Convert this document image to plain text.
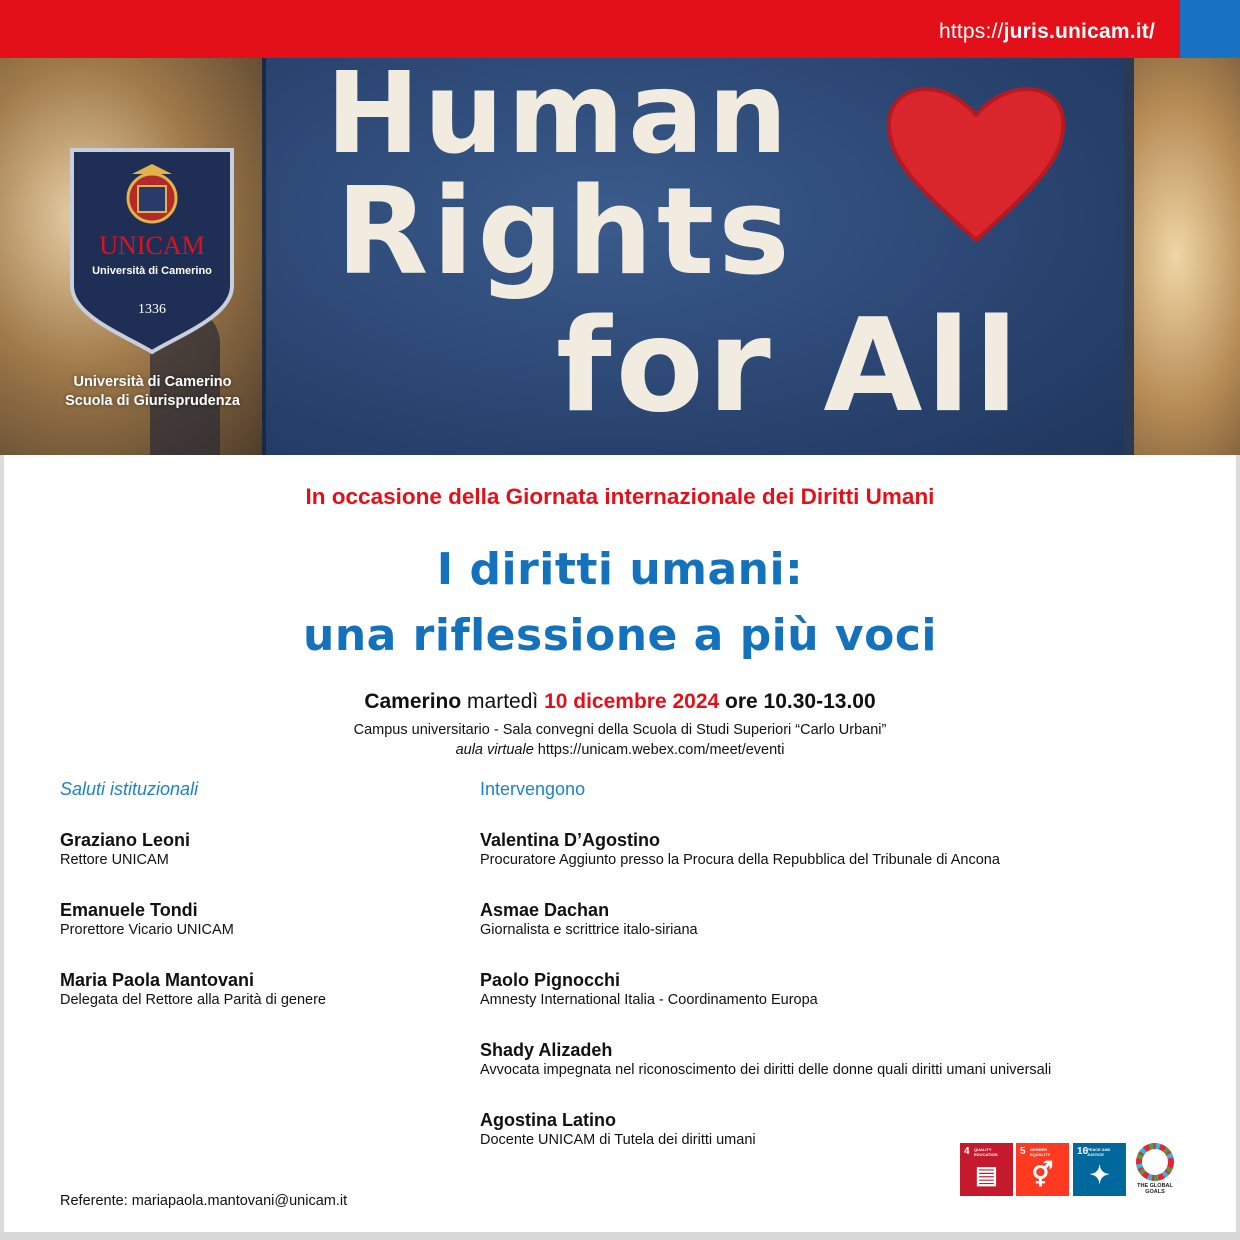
https://juris.unicam.it/
Human
Rights
for All
UNICAM
Università di Camerino
1336
Università di Camerino
Scuola di Giurisprudenza
In occasione della Giornata internazionale dei Diritti Umani
I diritti umani:
una riflessione a più voci
Camerino martedì 10 dicembre 2024 ore 10.30-13.00
Campus universitario - Sala convegni della Scuola di Studi Superiori “Carlo Urbani”
aula virtuale https://unicam.webex.com/meet/eventi
Saluti istituzionali	Intervengono
Graziano Leoni
Rettore UNICAM
Emanuele Tondi
Prorettore Vicario UNICAM
Maria Paola Mantovani
Delegata del Rettore alla Parità di genere
Valentina D’Agostino
Procuratore Aggiunto presso la Procura della Repubblica del Tribunale di Ancona
Asmae Dachan
Giornalista e scrittrice italo-siriana
Paolo Pignocchi
Amnesty International Italia - Coordinamento Europa
Shady Alizadeh
Avvocata impegnata nel riconoscimento dei diritti delle donne quali diritti umani universali
Agostina Latino
Docente UNICAM di Tutela dei diritti umani
Referente: mariapaola.mantovani@unicam.it
4 QUALITY EDUCATION
▤
5 GENDER EQUALITY
⚥
16
PEACE AND JUSTICE
✦	THE GLOBAL GOALS
